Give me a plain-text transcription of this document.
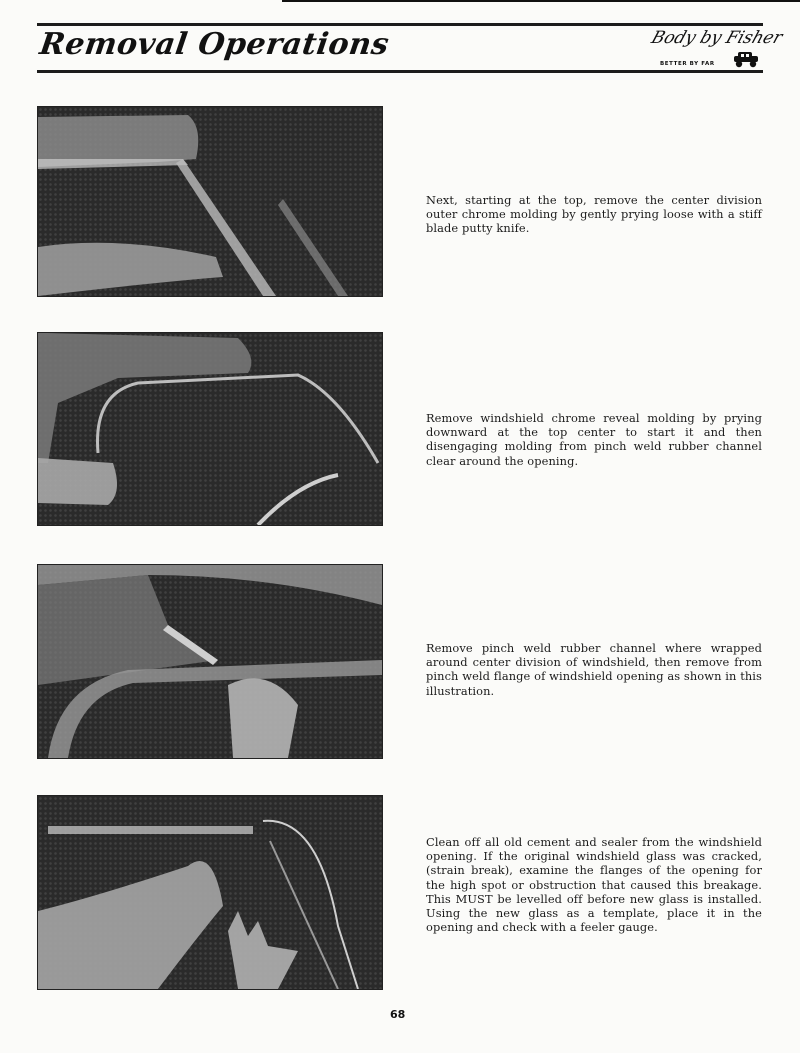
Removal Operations	Body by Fisher
BETTER BY FAR
Next, starting at the top, remove the center division outer chrome molding by gently prying loose with a stiff blade putty knife.
Remove windshield chrome reveal molding by prying downward at the top center to start it and then disengaging molding from pinch weld rubber channel clear around the opening.
Remove pinch weld rubber channel where wrapped around center division of windshield, then remove from pinch weld flange of windshield opening as shown in this illustration.
Clean off all old cement and sealer from the windshield opening. If the original windshield glass was cracked, (strain break), examine the flanges of the opening for the high spot or obstruction that caused this breakage. This MUST be levelled off before new glass is installed. Using the new glass as a template, place it in the opening and check with a feeler gauge.
68
